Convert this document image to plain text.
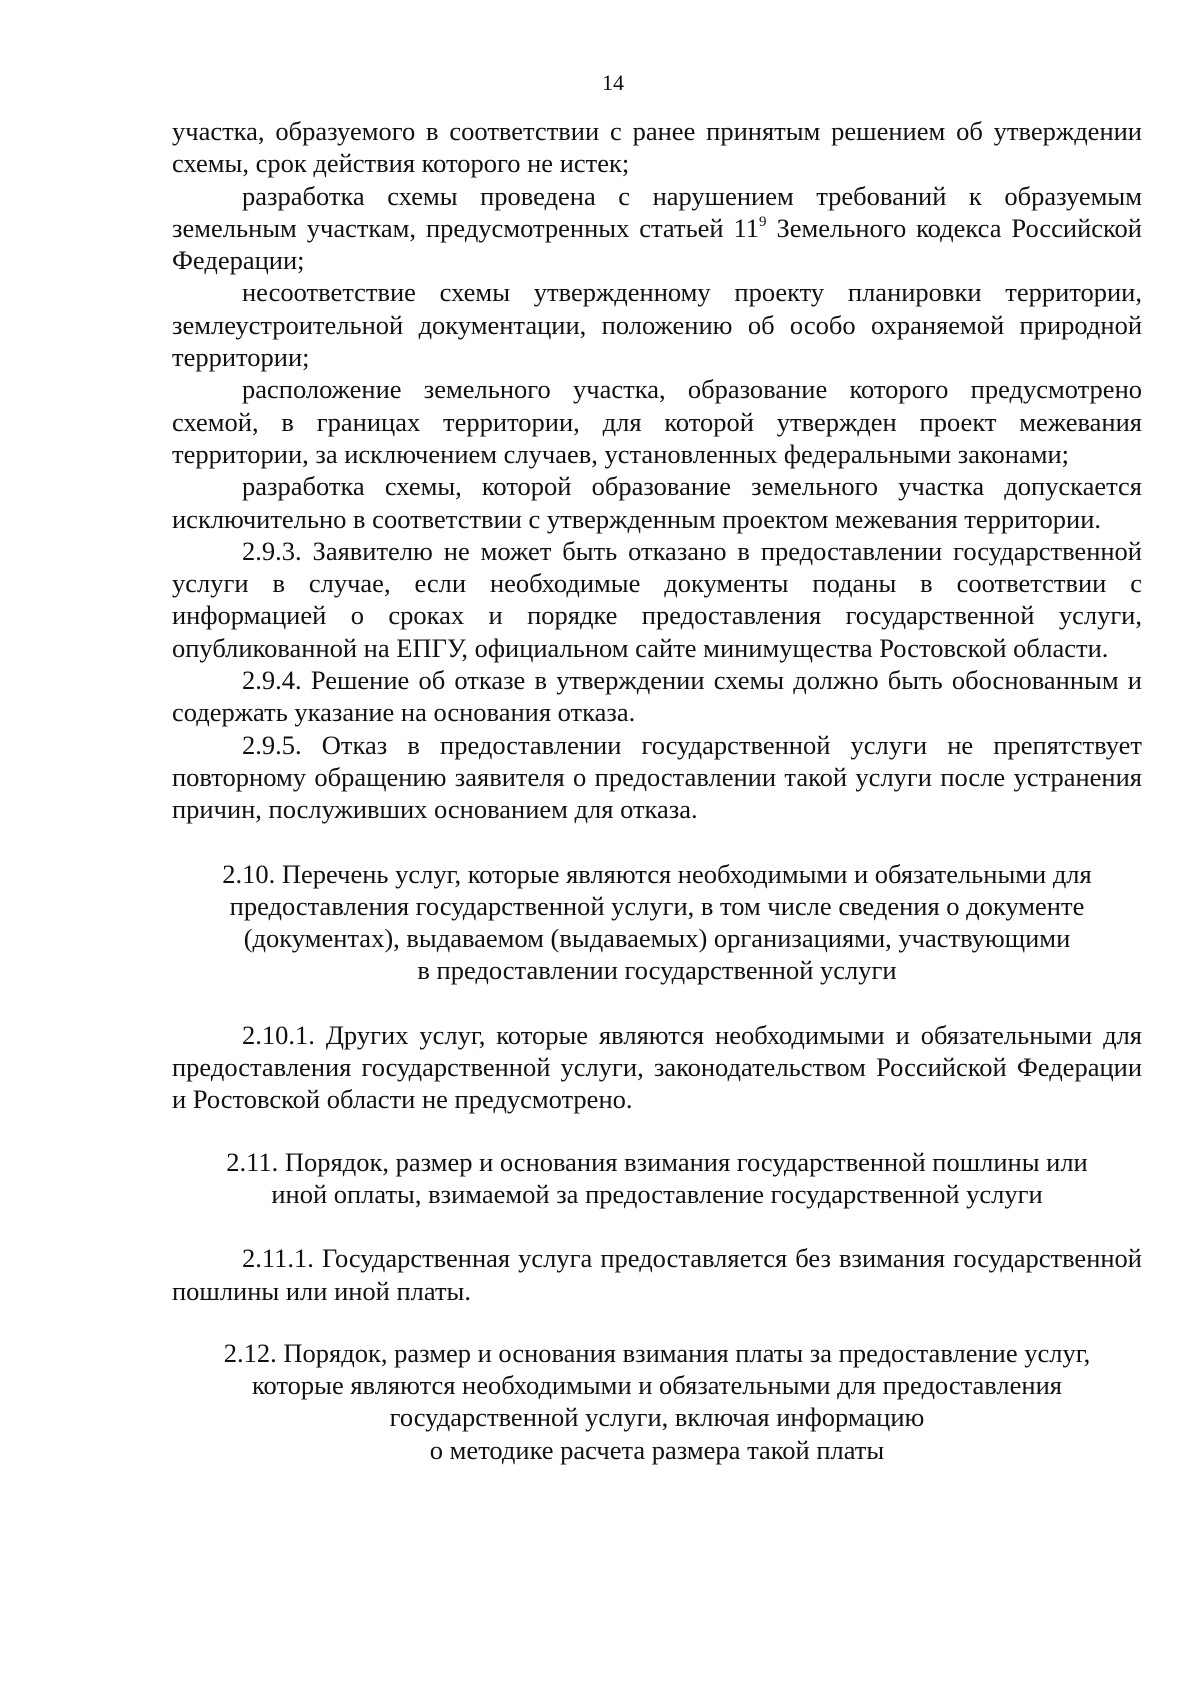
14

участка, образуемого в соответствии с ранее принятым решением об утверждении схемы, срок действия которого не истек;

разработка схемы проведена с нарушением требований к образуемым земельным участкам, предусмотренных статьей $11^9$ Земельного кодекса Российской Федерации;

несоответствие схемы утвержденному проекту планировки территории, землеустроительной документации, положению об особо охраняемой природной территории;

расположение земельного участка, образование которого предусмотрено схемой, в границах территории, для которой утвержден проект межевания территории, за исключением случаев, установленных федеральными законами;

разработка схемы, которой образование земельного участка допускается исключительно в соответствии с утвержденным проектом межевания территории.

2.9.3. Заявителю не может быть отказано в предоставлении государственной услуги в случае, если необходимые документы поданы в соответствии с информацией о сроках и порядке предоставления государственной услуги, опубликованной на ЕПГУ, официальном сайте минимущества Ростовской области.

2.9.4. Решение об отказе в утверждении схемы должно быть обоснованным и содержать указание на основания отказа.

2.9.5. Отказ в предоставлении государственной услуги не препятствует повторному обращению заявителя о предоставлении такой услуги после устранения причин, послуживших основанием для отказа.

2.10. Перечень услуг, которые являются необходимыми и обязательными для
предоставления государственной услуги, в том числе сведения о документе
(документах), выдаваемом (выдаваемых) организациями, участвующими
в предоставлении государственной услуги

2.10.1. Других услуг, которые являются необходимыми и обязательными для предоставления государственной услуги, законодательством Российской Федерации и Ростовской области не предусмотрено.

2.11. Порядок, размер и основания взимания государственной пошлины или
иной оплаты, взимаемой за предоставление государственной услуги

2.11.1. Государственная услуга предоставляется без взимания государственной пошлины или иной платы.

2.12. Порядок, размер и основания взимания платы за предоставление услуг,
которые являются необходимыми и обязательными для предоставления
государственной услуги, включая информацию
о методике расчета размера такой платы
